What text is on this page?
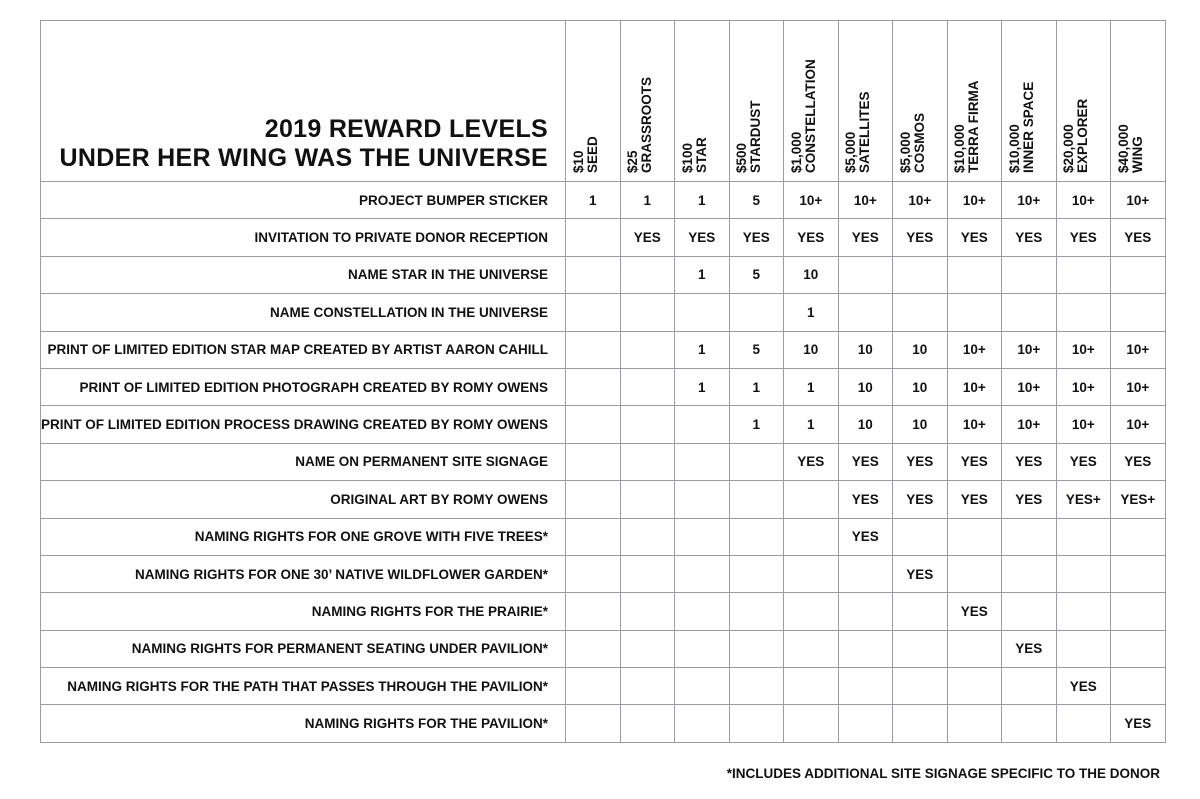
2019 REWARD LEVELS
UNDER HER WING WAS THE UNIVERSE	$10 SEED	$25 GRASSROOTS	$100 STAR	$500 STARDUST	$1,000 CONSTELLATION	$5,000 SATELLITES	$5,000 COSMOS	$10,000 TERRA FIRMA	$10,000 INNER SPACE	$20,000 EXPLORER	$40,000 WING

PROJECT BUMPER STICKER	1	1	1	5	10+	10+	10+	10+	10+	10+	10+
INVITATION TO PRIVATE DONOR RECEPTION		YES	YES	YES	YES	YES	YES	YES	YES	YES	YES
NAME STAR IN THE UNIVERSE			1	5	10						
NAME CONSTELLATION IN THE UNIVERSE					1						
PRINT OF LIMITED EDITION STAR MAP CREATED BY ARTIST AARON CAHILL			1	5	10	10	10	10+	10+	10+	10+
PRINT OF LIMITED EDITION PHOTOGRAPH CREATED BY ROMY OWENS			1	1	1	10	10	10+	10+	10+	10+
PRINT OF LIMITED EDITION PROCESS DRAWING CREATED BY ROMY OWENS				1	1	10	10	10+	10+	10+	10+
NAME ON PERMANENT SITE SIGNAGE					YES	YES	YES	YES	YES	YES	YES
ORIGINAL ART BY ROMY OWENS						YES	YES	YES	YES	YES+	YES+
NAMING RIGHTS FOR ONE GROVE WITH FIVE TREES*						YES					
NAMING RIGHTS FOR ONE 30’ NATIVE WILDFLOWER GARDEN*							YES				
NAMING RIGHTS FOR THE PRAIRIE*								YES			
NAMING RIGHTS FOR PERMANENT SEATING UNDER PAVILION*									YES		
NAMING RIGHTS FOR THE PATH THAT PASSES THROUGH THE PAVILION*										YES	
NAMING RIGHTS FOR THE PAVILION*											YES
*INCLUDES ADDITIONAL SITE SIGNAGE SPECIFIC TO THE DONOR
